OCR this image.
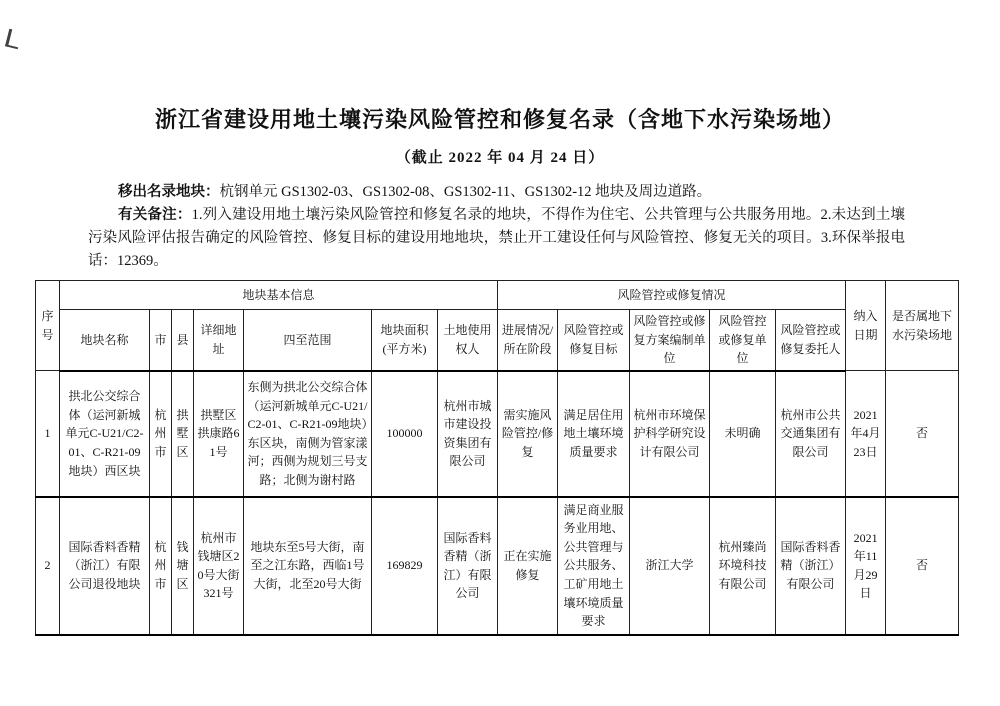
浙江省建设用地土壤污染风险管控和修复名录（含地下水污染场地）
（截止 2022 年 04 月 24 日）

移出名录地块：杭钢单元 GS1302-03、GS1302-08、GS1302-11、GS1302-12 地块及周边道路。

有关备注：1.列入建设用地土壤污染风险管控和修复名录的地块，不得作为住宅、公共管理与公共服务用地。2.未达到土壤污染风险评估报告确定的风险管控、修复目标的建设用地地块，禁止开工建设任何与风险管控、修复无关的项目。3.环保举报电话：12369。

序号	地块基本信息							风险管控或修复情况					纳入日期	是否属地下水污染场地
	地块名称	市	县	详细地址	四至范围	地块面积(平方米)	土地使用权人	进展情况/所在阶段	风险管控或修复目标	风险管控或修复方案编制单位	风险管控或修复单位	风险管控或修复委托人		
1	拱北公交综合体（运河新城单元C-U21/C2-01、C-R21-09地块）西区块	杭州市	拱墅区	拱墅区拱康路61号	东侧为拱北公交综合体（运河新城单元C-U21/C2-01、C-R21-09地块）东区块，南侧为管家漾河；西侧为规划三号支路；北侧为谢村路	100000	杭州市城市建设投资集团有限公司	需实施风险管控/修复	满足居住用地土壤环境质量要求	杭州市环境保护科学研究设计有限公司	未明确	杭州市公共交通集团有限公司	2021年4月23日	否
2	国际香料香精（浙江）有限公司退役地块	杭州市	钱塘区	杭州市钱塘区20号大街321号	地块东至5号大街，南至之江东路，西临1号大街，北至20号大街	169829	国际香料香精（浙江）有限公司	正在实施修复	满足商业服务业用地、公共管理与公共服务、工矿用地土壤环境质量要求	浙江大学	杭州臻尚环境科技有限公司	国际香料香精（浙江）有限公司	2021年11月29日	否
